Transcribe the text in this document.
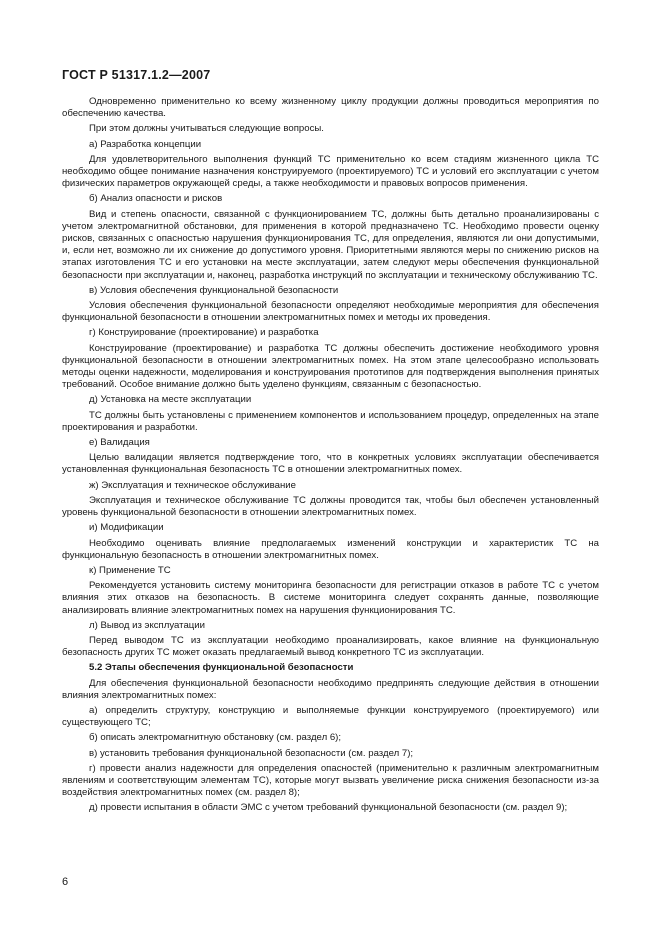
ГОСТ Р 51317.1.2—2007

Одновременно применительно ко всему жизненному циклу продукции должны проводиться мероприятия по обеспечению качества.

При этом должны учитываться следующие вопросы.

а) Разработка концепции

Для удовлетворительного выполнения функций ТС применительно ко всем стадиям жизненного цикла ТС необходимо общее понимание назначения конструируемого (проектируемого) ТС и условий его эксплуатации с учетом физических параметров окружающей среды, а также необходимости и правовых вопросов применения.

б) Анализ опасности и рисков

Вид и степень опасности, связанной с функционированием ТС, должны быть детально проанализированы с учетом электромагнитной обстановки, для применения в которой предназначено ТС. Необходимо провести оценку рисков, связанных с опасностью нарушения функционирования ТС, для определения, являются ли они допустимыми, и, если нет, возможно ли их снижение до допустимого уровня. Приоритетными являются меры по снижению рисков на этапах изготовления ТС и его установки на месте эксплуатации, затем следуют меры обеспечения функциональной безопасности при эксплуатации и, наконец, разработка инструкций по эксплуатации и техническому обслуживанию ТС.

в) Условия обеспечения функциональной безопасности

Условия обеспечения функциональной безопасности определяют необходимые мероприятия для обеспечения функциональной безопасности в отношении электромагнитных помех и методы их проведения.

г) Конструирование (проектирование) и разработка

Конструирование (проектирование) и разработка ТС должны обеспечить достижение необходимого уровня функциональной безопасности в отношении электромагнитных помех. На этом этапе целесообразно использовать методы оценки надежности, моделирования и конструирования прототипов для подтверждения выполнения принятых требований. Особое внимание должно быть уделено функциям, связанным с безопасностью.

д) Установка на месте эксплуатации

ТС должны быть установлены с применением компонентов и использованием процедур, определенных на этапе проектирования и разработки.

е) Валидация

Целью валидации является подтверждение того, что в конкретных условиях эксплуатации обеспечивается установленная функциональная безопасность ТС в отношении электромагнитных помех.

ж) Эксплуатация и техническое обслуживание

Эксплуатация и техническое обслуживание ТС должны проводится так, чтобы был обеспечен установленный уровень функциональной безопасности в отношении электромагнитных помех.

и) Модификации

Необходимо оценивать влияние предполагаемых изменений конструкции и характеристик ТС на функциональную безопасность в отношении электромагнитных помех.

к) Применение ТС

Рекомендуется установить систему мониторинга безопасности для регистрации отказов в работе ТС с учетом влияния этих отказов на безопасность. В системе мониторинга следует сохранять данные, позволяющие анализировать влияние электромагнитных помех на нарушения функционирования ТС.

л) Вывод из эксплуатации

Перед выводом ТС из эксплуатации необходимо проанализировать, какое влияние на функциональную безопасность других ТС может оказать предлагаемый вывод конкретного ТС из эксплуатации.

5.2 Этапы обеспечения функциональной безопасности

Для обеспечения функциональной безопасности необходимо предпринять следующие действия в отношении влияния электромагнитных помех:

а) определить структуру, конструкцию и выполняемые функции конструируемого (проектируемого) или существующего ТС;

б) описать электромагнитную обстановку (см. раздел 6);

в) установить требования функциональной безопасности (см. раздел 7);

г) провести анализ надежности для определения опасностей (применительно к различным электромагнитным явлениям и соответствующим элементам ТС), которые могут вызвать увеличение риска снижения безопасности из-за воздействия электромагнитных помех (см. раздел 8);

д) провести испытания в области ЭМС с учетом требований функциональной безопасности (см. раздел 9);

6
